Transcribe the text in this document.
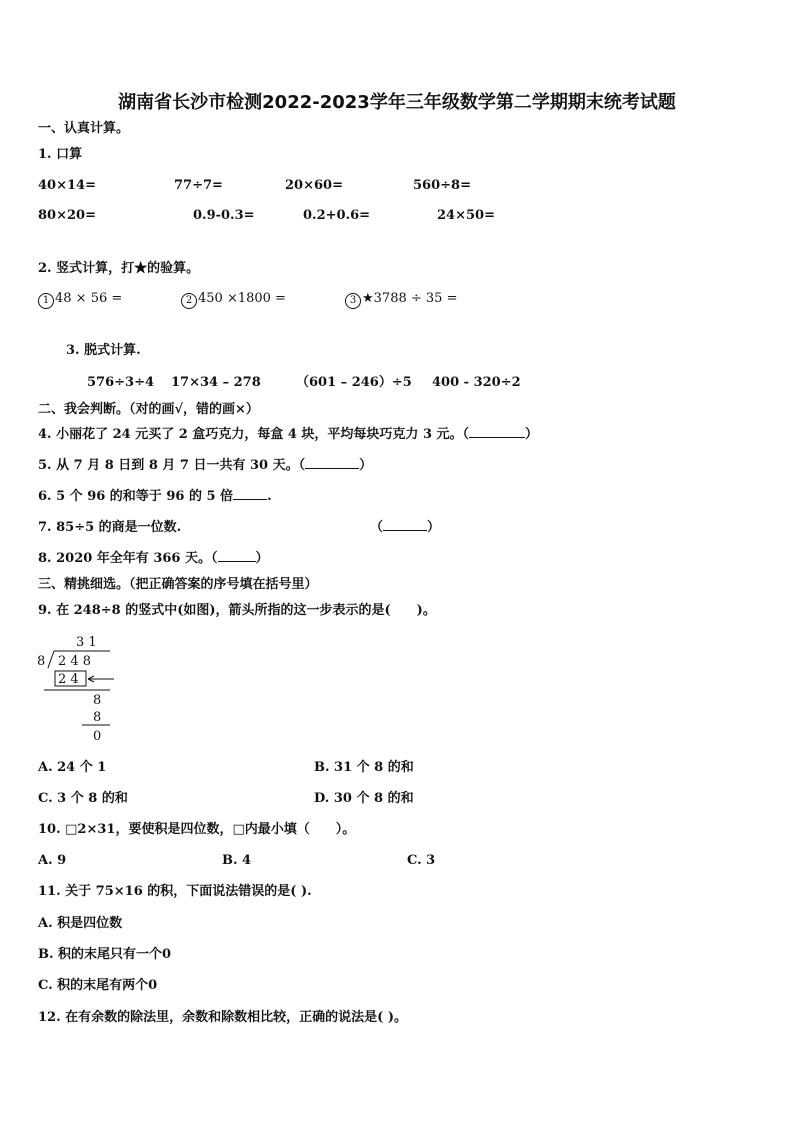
湖南省长沙市检测2022-2023学年三年级数学第二学期期末统考试题
一、认真计算。
1. 口算
40×14=	77÷7=	20×60=	560÷8=
80×20=	0.9-0.3=	0.2+0.6=	24×50=
2. 竖式计算，打★的验算。
1 48 × 56 =	2 450 ×1800 =	3 ★3788 ÷ 35 =
3. 脱式计算.
576÷3÷4 17×34 – 278	（601 – 246）÷5 400 - 320÷2
二、我会判断。（对的画√，错的画×）
4. 小丽花了 24 元买了 2 盒巧克力，每盒 4 块，平均每块巧克力 3 元。（	）
5. 从 7 月 8 日到 8 月 7 日一共有 30 天。（	）
6. 5 个 96 的和等于 96 的 5 倍	.
7. 85÷5 的商是一位数.	（	）
8. 2020 年全年有 366 天。（	）
三、精挑细选。（把正确答案的序号填在括号里）
9. 在 248÷8 的竖式中(如图)，箭头所指的这一步表示的是(　　)。
3 1
8 2 4 8
2 4
8
8
0
A. 24 个 1	B. 31 个 8 的和
C. 3 个 8 的和	D. 30 个 8 的和
10. □2×31，要使积是四位数，□内最小填（　　）。
A. 9	B. 4	C. 3
11. 关于 75×16 的积，下面说法错误的是( ).
A. 积是四位数
B. 积的末尾只有一个0
C. 积的末尾有两个0
12. 在有余数的除法里，余数和除数相比较，正确的说法是( )。
